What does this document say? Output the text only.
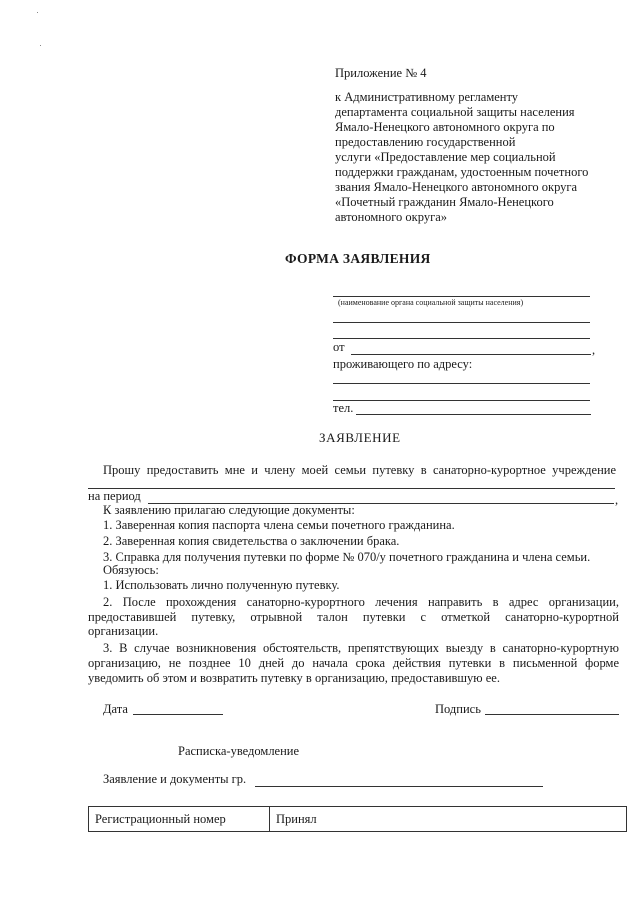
Приложение № 4
к Административному регламенту
департамента социальной защиты населения
Ямало-Ненецкого автономного округа по
предоставлению государственной
услуги «Предоставление мер социальной
поддержки гражданам, удостоенным почетного
звания Ямало-Ненецкого автономного округа
«Почетный гражданин Ямало-Ненецкого
автономного округа»
ФОРМА ЗАЯВЛЕНИЯ
(наименование органа социальной защиты населения)
от	,
проживающего по адресу:
тел.
ЗАЯВЛЕНИЕ
Прошу предоставить мне и члену моей семьи путевку в санаторно-курортное учреждение
на период	,
К заявлению прилагаю следующие документы:
1. Заверенная копия паспорта члена семьи почетного гражданина.
2. Заверенная копия свидетельства о заключении брака.
3. Справка для получения путевки по форме № 070/у почетного гражданина и члена семьи.
Обязуюсь:
1. Использовать лично полученную путевку.
2. После прохождения санаторно-курортного лечения направить в адрес организации,
предоставившей путевку, отрывной талон путевки с отметкой санаторно-курортной
организации.
3. В случае возникновения обстоятельств, препятствующих выезду в санаторно-курортную
организацию, не позднее 10 дней до начала срока действия путевки в письменной форме
уведомить об этом и возвратить путевку в организацию, предоставившую ее.
Дата	Подпись
Расписка-уведомление
Заявление и документы гр.
Регистрационный номер	Принял
